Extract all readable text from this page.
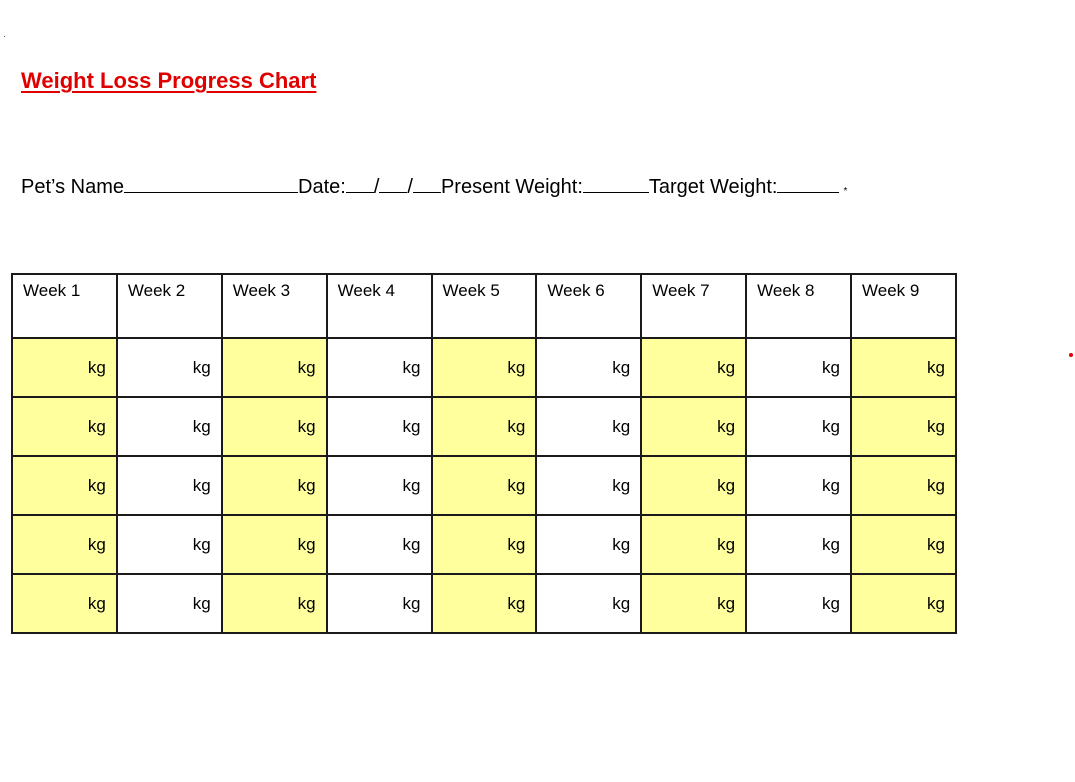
Weight Loss Progress Chart
Pet’s Name	Date: / / Present Weight:	Target Weight:	*
Week 1	Week 2	Week 3	Week 4	Week 5	Week 6	Week 7	Week 8	Week 9
kg	kg	kg	kg	kg	kg	kg	kg	kg
kg	kg	kg	kg	kg	kg	kg	kg	kg
kg	kg	kg	kg	kg	kg	kg	kg	kg
kg	kg	kg	kg	kg	kg	kg	kg	kg
kg	kg	kg	kg	kg	kg	kg	kg	kg
